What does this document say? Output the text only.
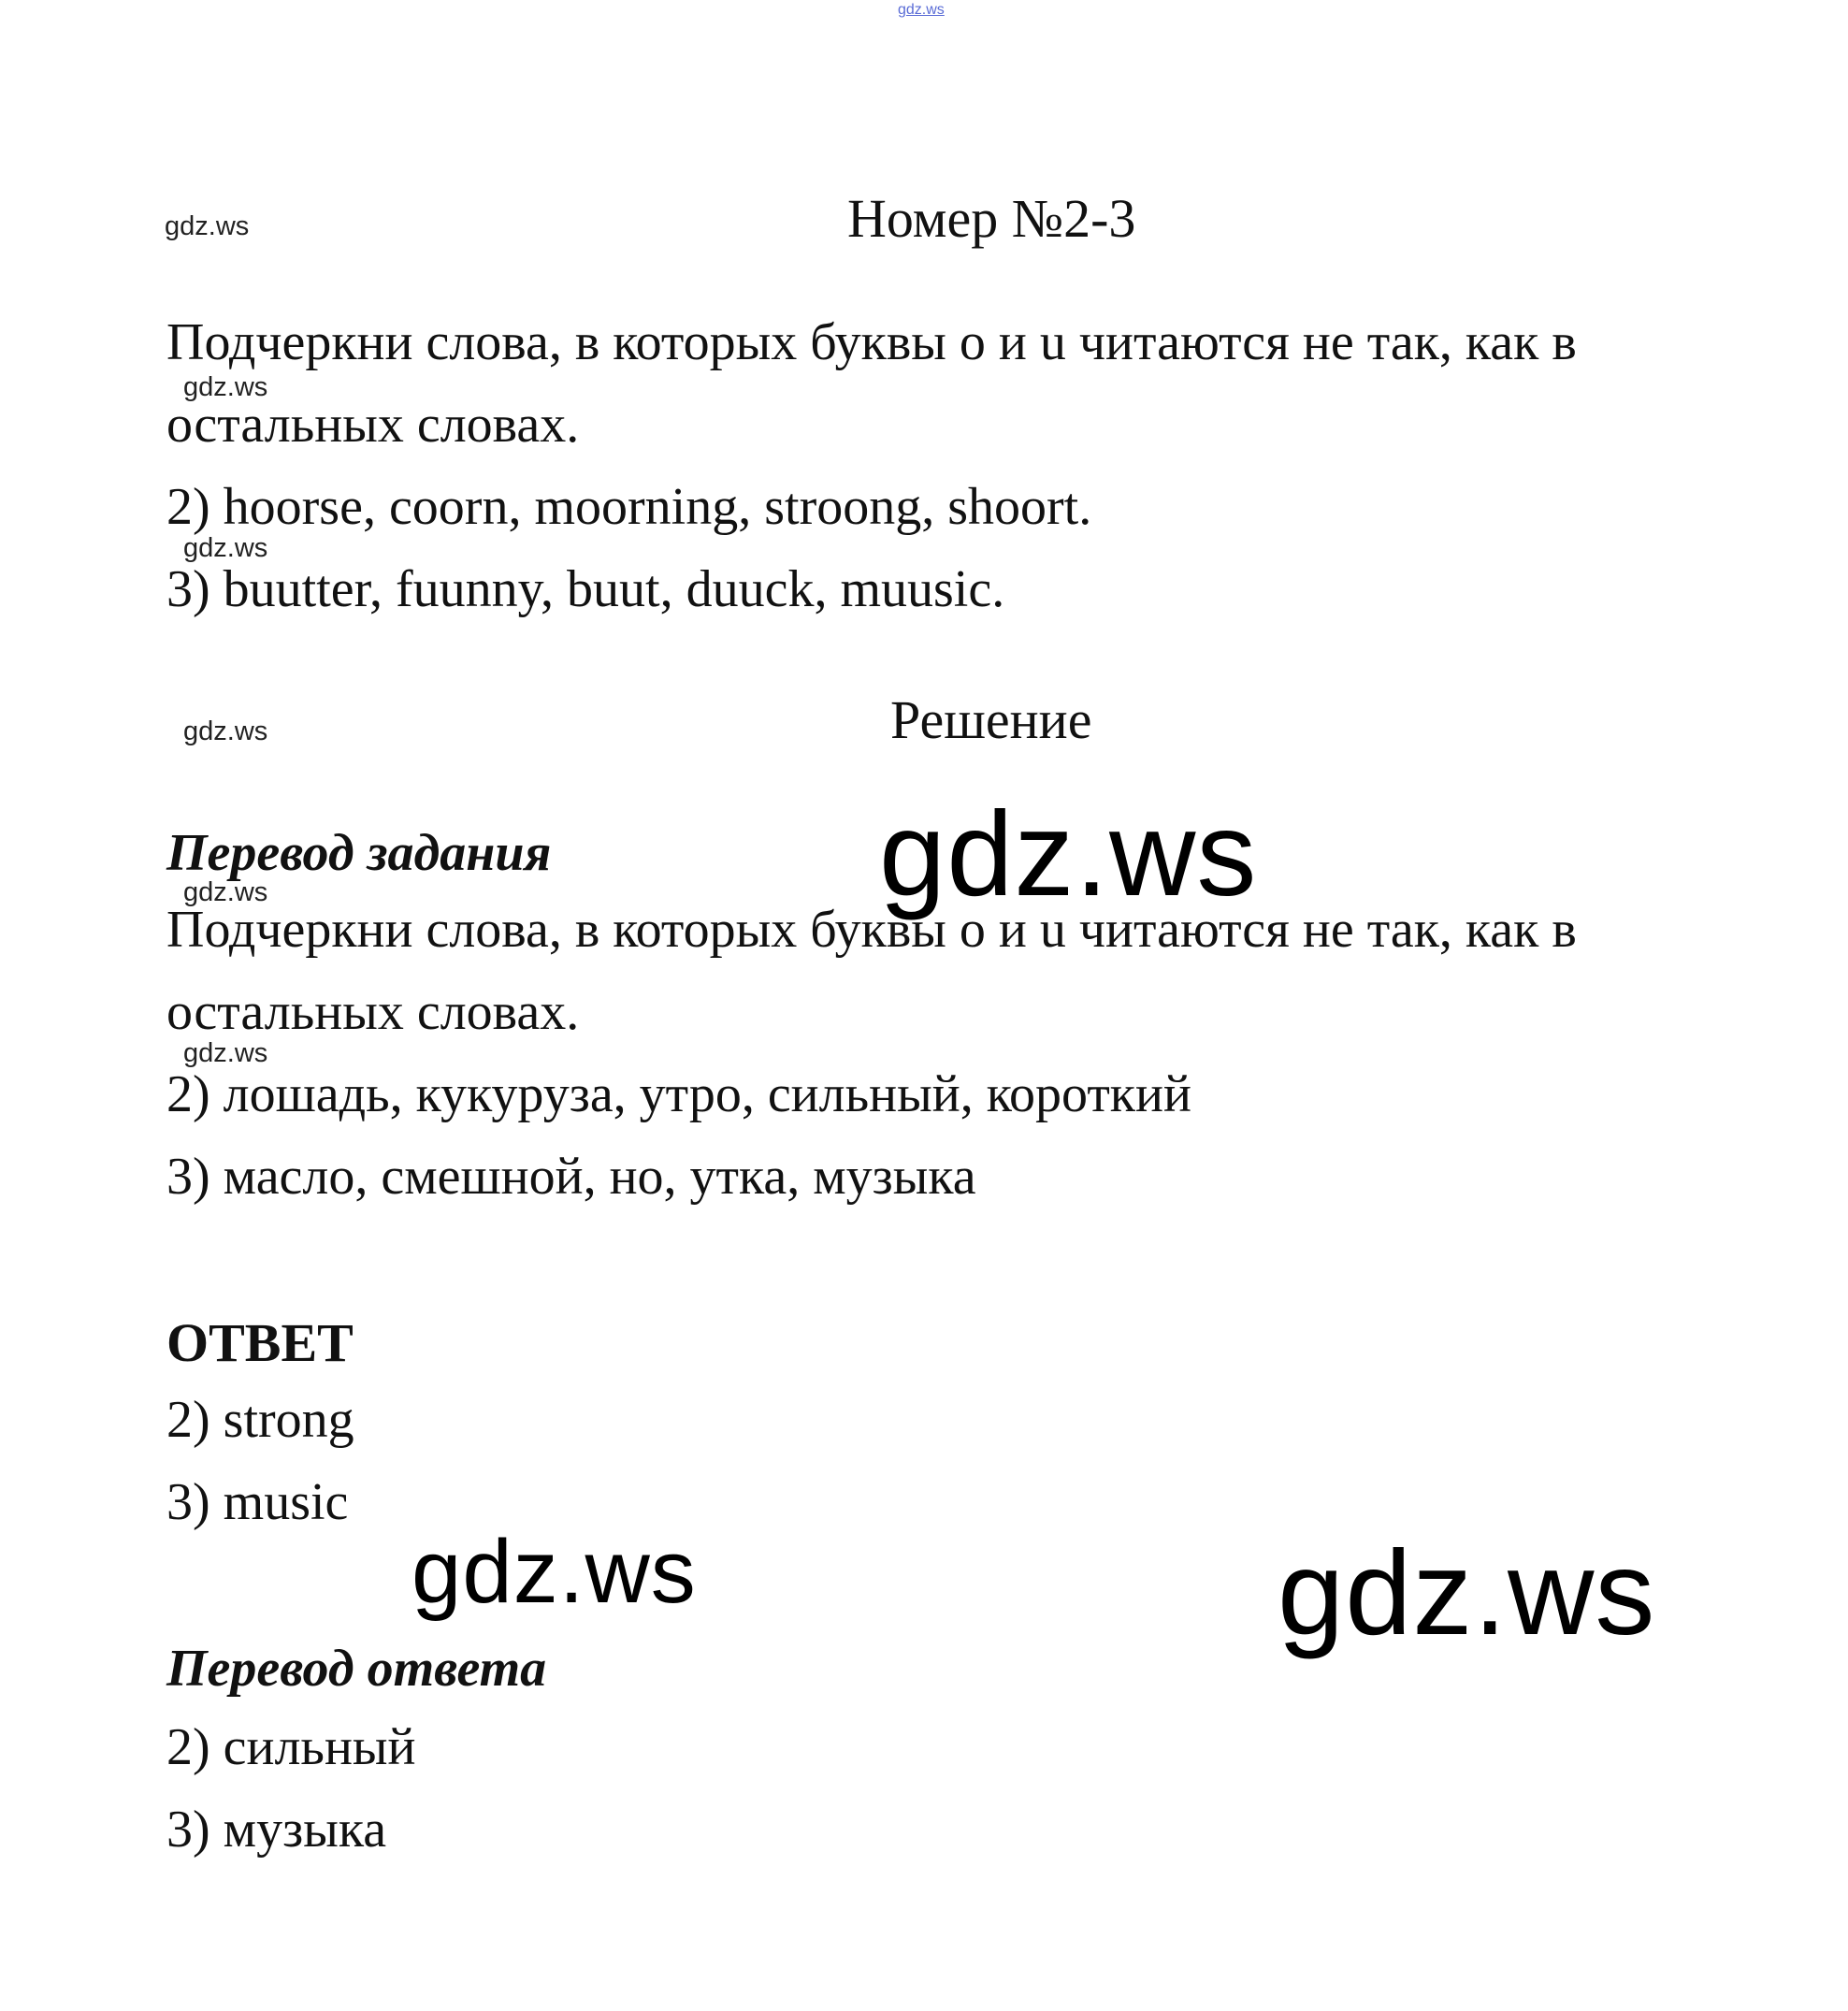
gdz.ws
Номер №2-3
gdz.ws
gdz.ws
gdz.ws
gdz.ws
gdz.ws
gdz.ws
Подчеркни слова, в которых буквы o и u читаются не так, как в
остальных словах.
2) hoorse, coorn, moorning, stroong, shoort.
3) buutter, fuunny, buut, duuck, muusic.
Решение
gdz.ws
Перевод задания
Подчеркни слова, в которых буквы o и u читаются не так, как в
остальных словах.
2) лошадь, кукуруза, утро, сильный, короткий
3) масло, смешной, но, утка, музыка
ОТВЕТ
2) strong
3) music
gdz.ws	gdz.ws
Перевод ответа
2) сильный
3) музыка
